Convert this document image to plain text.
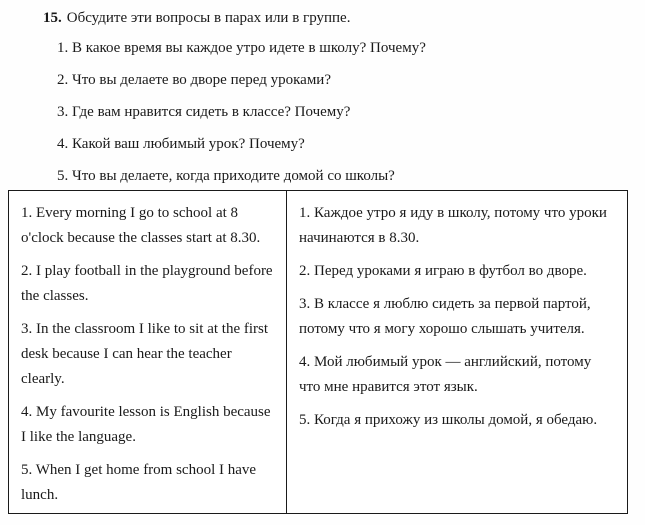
15. Обсудите эти вопросы в парах или в группе.

1. В какое время вы каждое утро идете в школу? Почему?

2. Что вы делаете во дворе перед уроками?

3. Где вам нравится сидеть в классе? Почему?

4. Какой ваш любимый урок? Почему?

5. Что вы делаете, когда приходите домой со школы?

1. Every morning I go to school at 8 o'clock because the classes start at 8.30.

2. I play football in the playground before the classes.

3. In the classroom I like to sit at the first desk because I can hear the teacher clearly.

4. My favourite lesson is English because I like the language.

5. When I get home from school I have lunch.

1. Каждое утро я иду в школу, потому что уроки начинаются в 8.30.

2. Перед уроками я играю в футбол во дворе.

3. В классе я люблю сидеть за первой партой, потому что я могу хорошо слышать учителя.

4. Мой любимый урок — английский, потому что мне нравится этот язык.

5. Когда я прихожу из школы домой, я обедаю.
